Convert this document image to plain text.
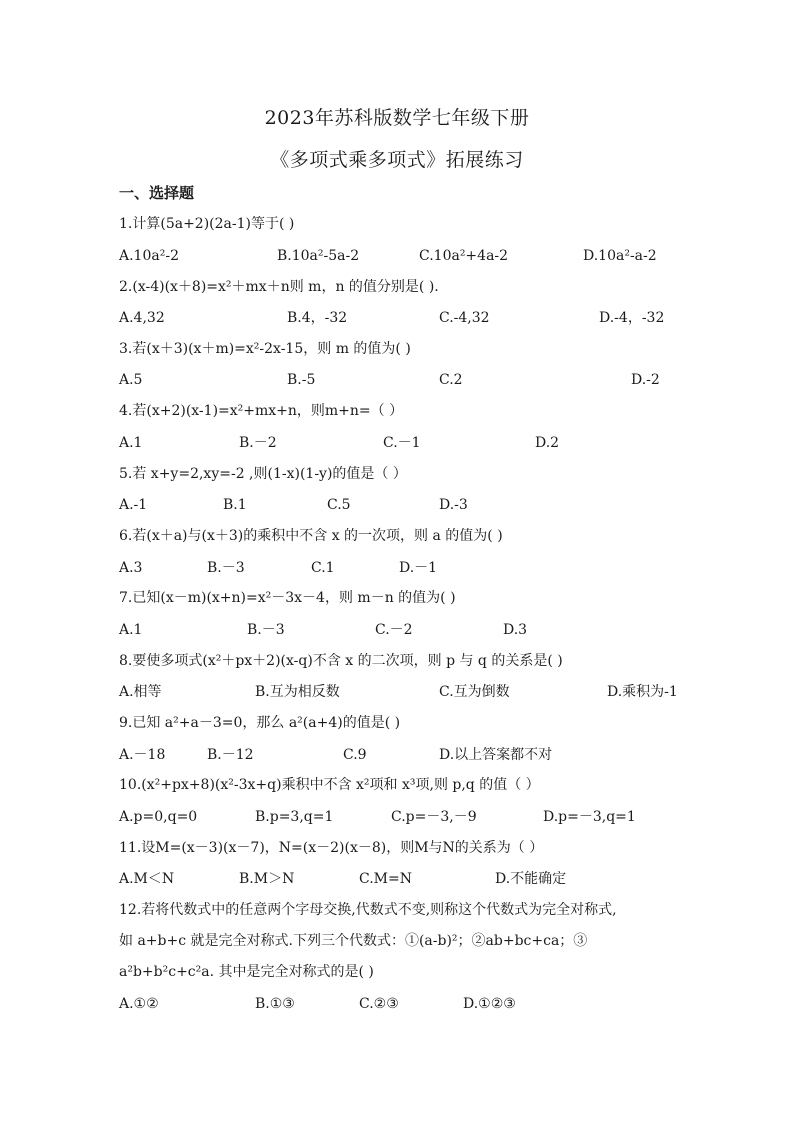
2023年苏科版数学七年级下册
《多项式乘多项式》拓展练习
一、选择题
1.计算(5a+2)(2a-1)等于( )
A.10a²-2	B.10a²-5a-2	C.10a²+4a-2	D.10a²-a-2
2.(x-4)(x＋8)=x²＋mx＋n则 m，n 的值分别是( ).
A.4,32	B.4，-32	C.-4,32	D.-4，-32
3.若(x＋3)(x＋m)=x²-2x-15，则 m 的值为( )
A.5	B.-5	C.2	D.-2
4.若(x+2)(x-1)=x²+mx+n，则m+n=（ ）
A.1	B.－2	C.－1	D.2
5.若 x+y=2,xy=-2 ,则(1-x)(1-y)的值是（ ）
A.-1	B.1	C.5	D.-3
6.若(x＋a)与(x＋3)的乘积中不含 x 的一次项，则 a 的值为( )
A.3	B.－3	C.1	D.－1
7.已知(x－m)(x+n)=x²－3x－4，则 m－n 的值为( )
A.1	B.－3	C.－2	D.3
8.要使多项式(x²＋px＋2)(x-q)不含 x 的二次项，则 p 与 q 的关系是( )
A.相等	B.互为相反数	C.互为倒数	D.乘积为-1
9.已知 a²+a－3=0，那么 a²(a+4)的值是( )
A.－18	B.－12	C.9	D.以上答案都不对
10.(x²+px+8)(x²-3x+q)乘积中不含 x²项和 x³项,则 p,q 的值（ ）
A.p=0,q=0	B.p=3,q=1	C.p=－3,－9	D.p=－3,q=1
11.设M=(x－3)(x－7)，N=(x－2)(x－8)，则M与N的关系为（ ）
A.M＜N	B.M＞N	C.M=N	D.不能确定
12.若将代数式中的任意两个字母交换,代数式不变,则称这个代数式为完全对称式,
如 a+b+c 就是完全对称式.下列三个代数式：①(a-b)²；②ab+bc+ca；③
a²b+b²c+c²a. 其中是完全对称式的是( )
A.①②	B.①③	C.②③	D.①②③
